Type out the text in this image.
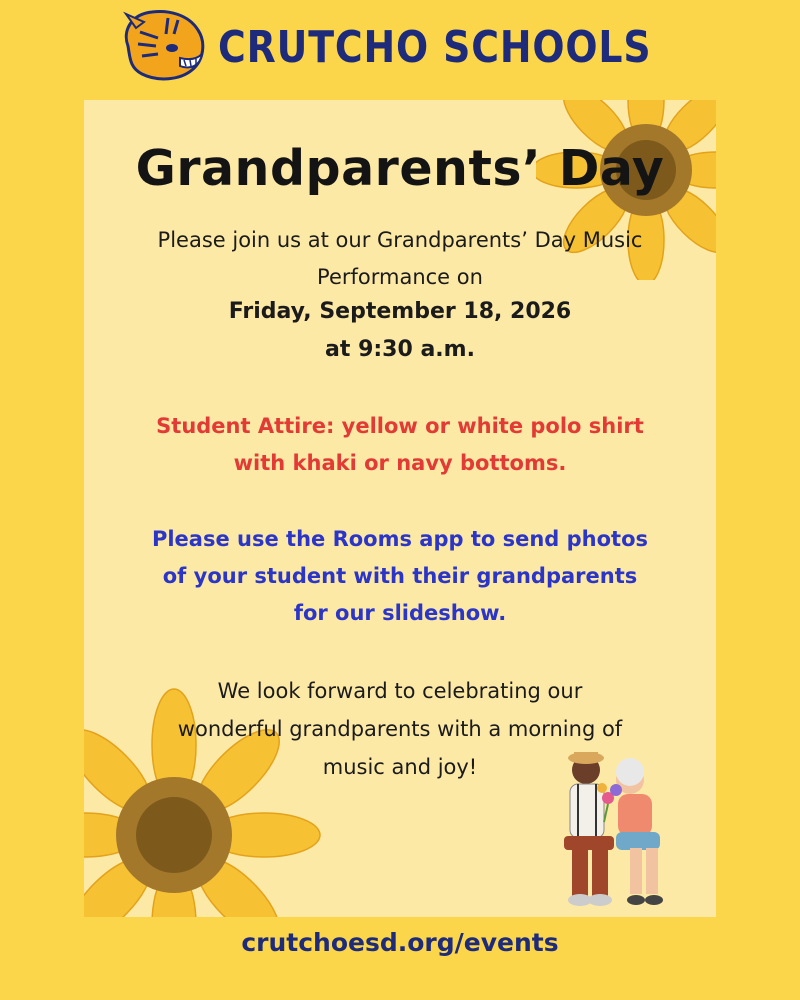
CRUTCHO SCHOOLS
Grandparents’ Day
Please join us at our Grandparents’ Day Music
Performance on
Friday, September 18, 2026
at 9:30 a.m.
Student Attire: yellow or white polo shirt
with khaki or navy bottoms.
Please use the Rooms app to send photos
of your student with their grandparents
for our slideshow.
We look forward to celebrating our
wonderful grandparents with a morning of
music and joy!
crutchoesd.org/events
